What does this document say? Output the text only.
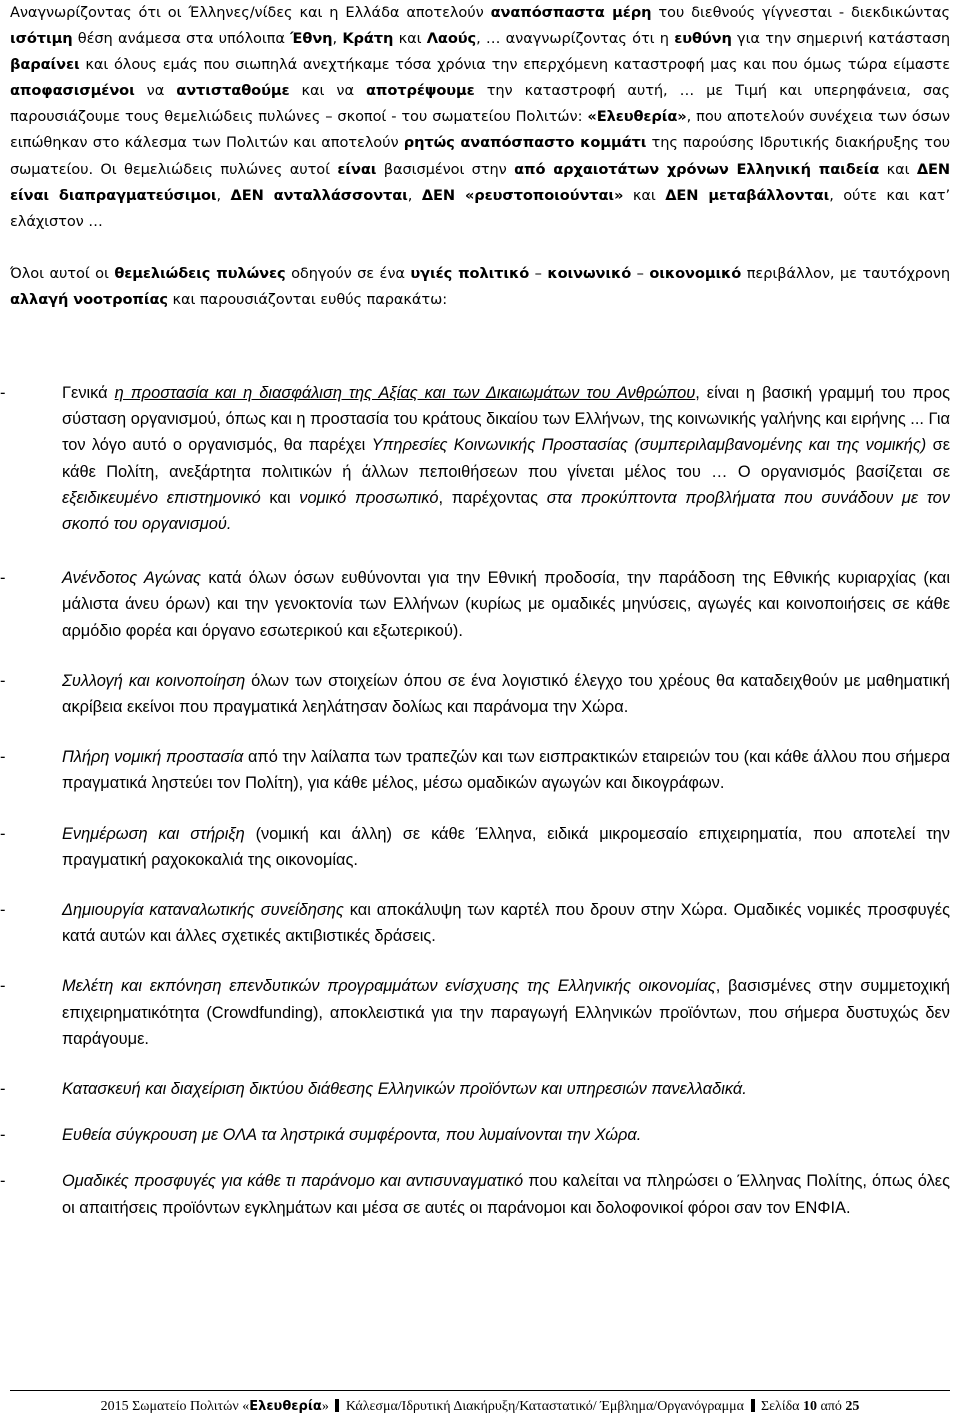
Αναγνωρίζοντας ότι οι Έλληνες/νίδες και η Ελλάδα αποτελούν αναπόσπαστα μέρη του διεθνούς γίγνεσται - διεκδικώντας ισότιμη θέση ανάμεσα στα υπόλοιπα Έθνη, Κράτη και Λαούς, … αναγνωρίζοντας ότι η ευθύνη για την σημερινή κατάσταση βαραίνει και όλους εμάς που σιωπηλά ανεχτήκαμε τόσα χρόνια την επερχόμενη καταστροφή μας και που όμως τώρα είμαστε αποφασισμένοι να αντισταθούμε και να αποτρέψουμε την καταστροφή αυτή, … με Τιμή και υπερηφάνεια, σας παρουσιάζουμε τους θεμελιώδεις πυλώνες – σκοποί - του σωματείου Πολιτών: «Ελευθερία», που αποτελούν συνέχεια των όσων ειπώθηκαν στο κάλεσμα των Πολιτών και αποτελούν ρητώς αναπόσπαστο κομμάτι της παρούσης Ιδρυτικής διακήρυξης του σωματείου. Οι θεμελιώδεις πυλώνες αυτοί είναι βασισμένοι στην από αρχαιοτάτων χρόνων Ελληνική παιδεία και ΔΕΝ είναι διαπραγματεύσιμοι, ΔΕΝ ανταλλάσσονται, ΔΕΝ «ρευστοποιούνται» και ΔΕΝ μεταβάλλονται, ούτε και κατ’ ελάχιστον …

Όλοι αυτοί οι θεμελιώδεις πυλώνες οδηγούν σε ένα υγιές πολιτικό – κοινωνικό – οικονομικό περιβάλλον, με ταυτόχρονη αλλαγή νοοτροπίας και παρουσιάζονται ευθύς παρακάτω:

-	Γενικά η προστασία και η διασφάλιση της Αξίας και των Δικαιωμάτων του Ανθρώπου, είναι η βασική γραμμή του προς σύσταση οργανισμού, όπως και η προστασία του κράτους δικαίου των Ελλήνων, της κοινωνικής γαλήνης και ειρήνης ... Για τον λόγο αυτό ο οργανισμός, θα παρέχει Υπηρεσίες Κοινωνικής Προστασίας (συμπεριλαμβανομένης και της νομικής) σε κάθε Πολίτη, ανεξάρτητα πολιτικών ή άλλων πεποιθήσεων που γίνεται μέλος του … Ο οργανισμός βασίζεται σε εξειδικευμένο επιστημονικό και νομικό προσωπικό, παρέχοντας στα προκύπτοντα προβλήματα που συνάδουν με τον σκοπό του οργανισμού.
-	Ανένδοτος Αγώνας κατά όλων όσων ευθύνονται για την Εθνική προδοσία, την παράδοση της Εθνικής κυριαρχίας (και μάλιστα άνευ όρων) και την γενοκτονία των Ελλήνων (κυρίως με ομαδικές μηνύσεις, αγωγές και κοινοποιήσεις σε κάθε αρμόδιο φορέα και όργανο εσωτερικού και εξωτερικού).
-	Συλλογή και κοινοποίηση όλων των στοιχείων όπου σε ένα λογιστικό έλεγχο του χρέους θα καταδειχθούν με μαθηματική ακρίβεια εκείνοι που πραγματικά λεηλάτησαν δολίως και παράνομα την Χώρα.
-	Πλήρη νομική προστασία από την λαίλαπα των τραπεζών και των εισπρακτικών εταιρειών του (και κάθε άλλου που σήμερα πραγματικά ληστεύει τον Πολίτη), για κάθε μέλος, μέσω ομαδικών αγωγών και δικογράφων.
-	Ενημέρωση και στήριξη (νομική και άλλη) σε κάθε Έλληνα, ειδικά μικρομεσαίο επιχειρηματία, που αποτελεί την πραγματική ραχοκοκαλιά της οικονομίας.
-	Δημιουργία καταναλωτικής συνείδησης και αποκάλυψη των καρτέλ που δρουν στην Χώρα. Ομαδικές νομικές προσφυγές κατά αυτών και άλλες σχετικές ακτιβιστικές δράσεις.
-	Μελέτη και εκπόνηση επενδυτικών προγραμμάτων ενίσχυσης της Ελληνικής οικονομίας, βασισμένες στην συμμετοχική επιχειρηματικότητα (Crowdfunding), αποκλειστικά για την παραγωγή Ελληνικών προϊόντων, που σήμερα δυστυχώς δεν παράγουμε.
-	Κατασκευή και διαχείριση δικτύου διάθεσης Ελληνικών προϊόντων και υπηρεσιών πανελλαδικά.
-	Ευθεία σύγκρουση με ΟΛΑ τα ληστρικά συμφέροντα, που λυμαίνονται την Χώρα.
-	Ομαδικές προσφυγές για κάθε τι παράνομο και αντισυναγματικό που καλείται να πληρώσει ο Έλληνας Πολίτης, όπως όλες οι απαιτήσεις προϊόντων εγκλημάτων και μέσα σε αυτές οι παράνομοι και δολοφονικοί φόροι σαν τον ΕΝΦΙΑ.
2015 Σωματείο Πολιτών «Ελευθερία» Κάλεσμα/Ιδρυτική Διακήρυξη/Καταστατικό/ Έμβλημα/Οργανόγραμμα Σελίδα 10 από 25
